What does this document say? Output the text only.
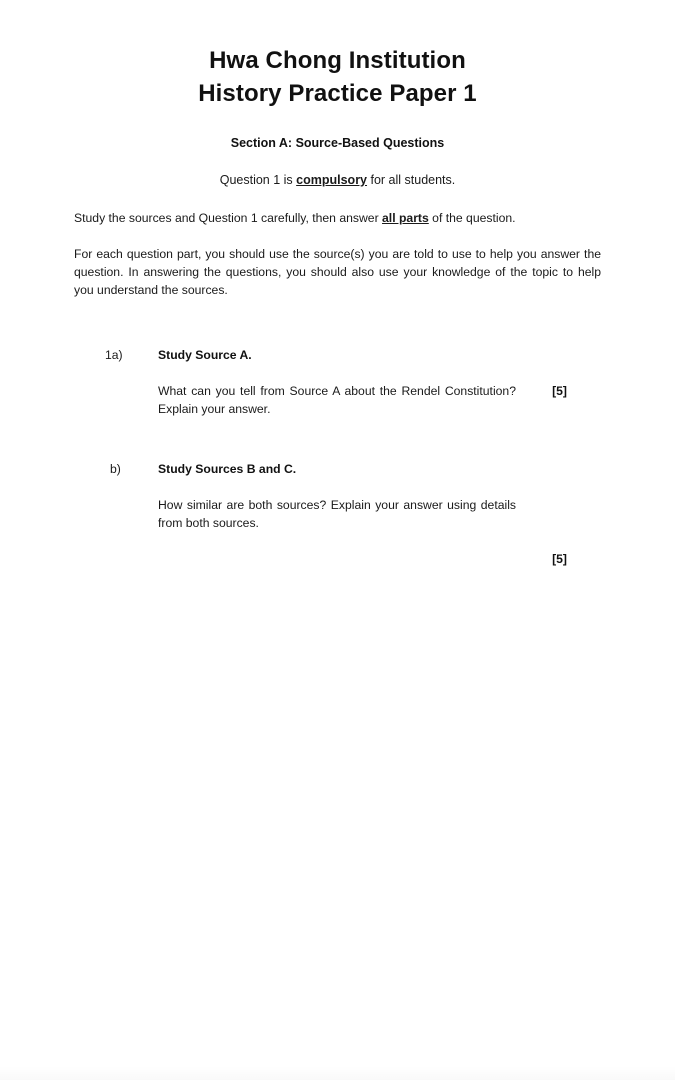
Hwa Chong Institution
History Practice Paper 1
Section A: Source-Based Questions
Question 1 is compulsory for all students.
Study the sources and Question 1 carefully, then answer all parts of the question.
For each question part, you should use the source(s) you are told to use to help you answer the question. In answering the questions, you should also use your knowledge of the topic to help you understand the sources.
1a)	Study Source A.
What can you tell from Source A about the Rendel Constitution? Explain your answer.
[5]
b)	Study Sources B and C.
How similar are both sources? Explain your answer using details from both sources.
[5]
